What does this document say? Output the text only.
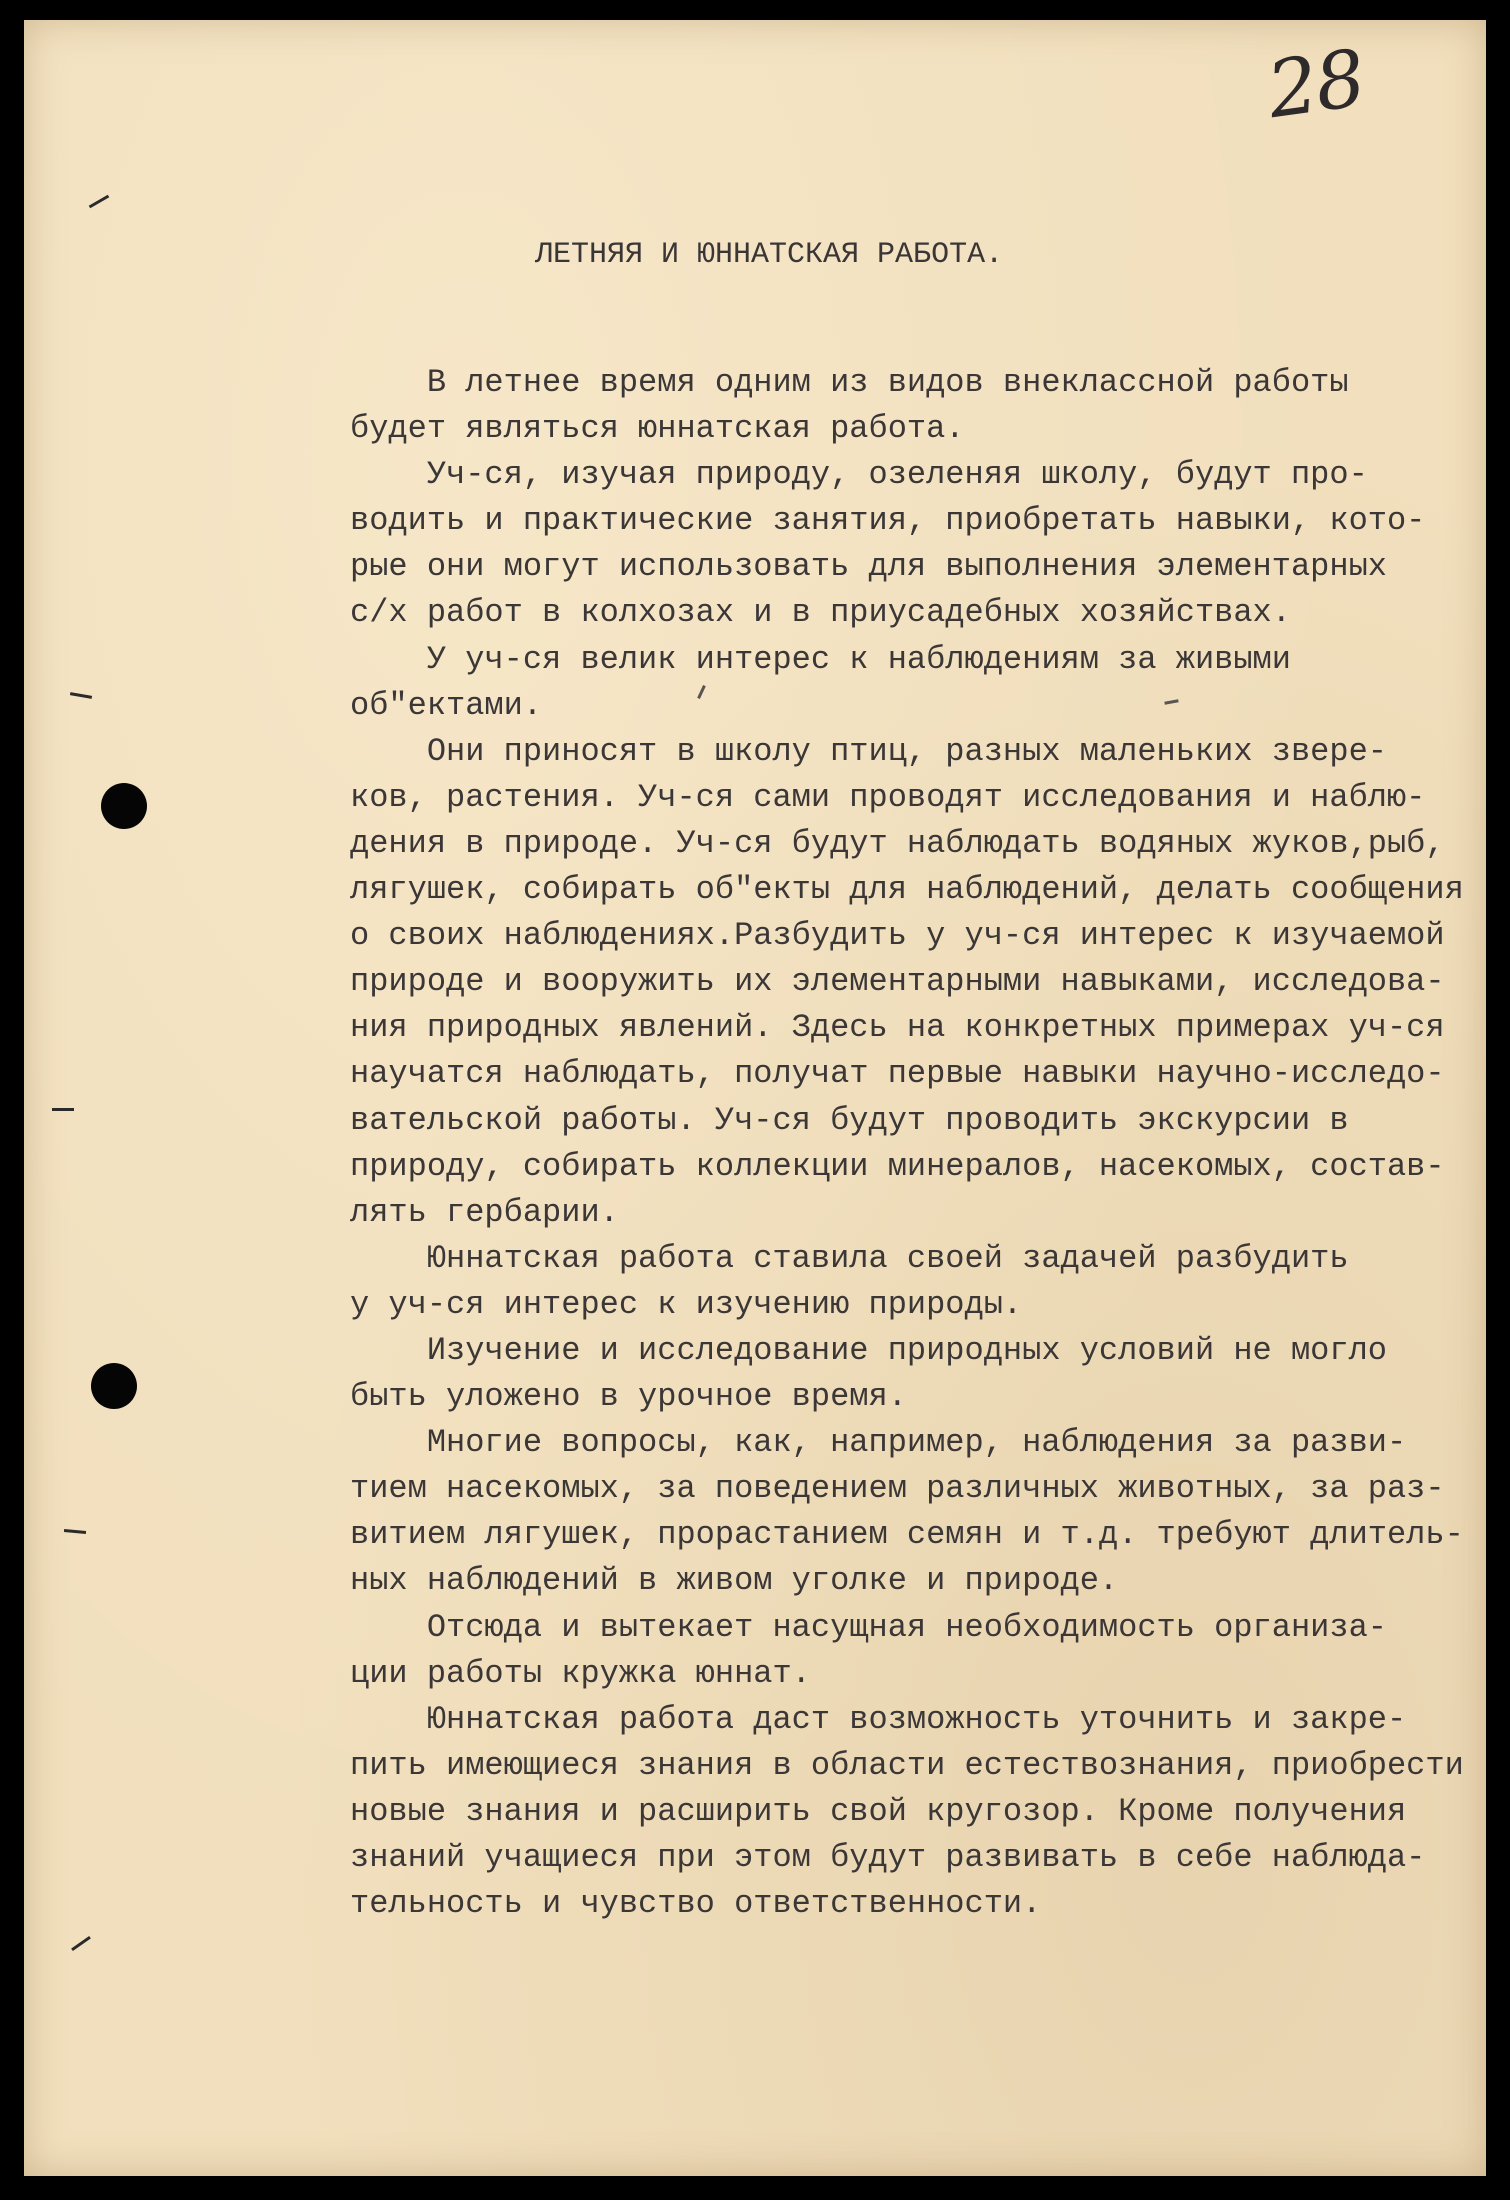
28
ЛЕТНЯЯ И ЮННАТСКАЯ РАБОТА.
В летнее время одним из видов внеклассной работы
будет являться юннатская работа.
Уч-ся, изучая природу, озеленяя школу, будут про-
водить и практические занятия, приобретать навыки, кото-
рые они могут использовать для выполнения элементарных
с/х работ в колхозах и в приусадебных хозяйствах.
У уч-ся велик интерес к наблюдениям за живыми
об"ектами.
Они приносят в школу птиц, разных маленьких звере-
ков, растения. Уч-ся сами проводят исследования и наблю-
дения в природе. Уч-ся будут наблюдать водяных жуков,рыб,
лягушек, собирать об"екты для наблюдений, делать сообщения
о своих наблюдениях.Разбудить у уч-ся интерес к изучаемой
природе и вооружить их элементарными навыками, исследова-
ния природных явлений. Здесь на конкретных примерах уч-ся
научатся наблюдать, получат первые навыки научно-исследо-
вательской работы. Уч-ся будут проводить экскурсии в
природу, собирать коллекции минералов, насекомых, состав-
лять гербарии.
Юннатская работа ставила своей задачей разбудить
у уч-ся интерес к изучению природы.
Изучение и исследование природных условий не могло
быть уложено в урочное время.
Многие вопросы, как, например, наблюдения за разви-
тием насекомых, за поведением различных животных, за раз-
витием лягушек, прорастанием семян и т.д. требуют длитель-
ных наблюдений в живом уголке и природе.
Отсюда и вытекает насущная необходимость организа-
ции работы кружка юннат.
Юннатская работа даст возможность уточнить и закре-
пить имеющиеся знания в области естествознания, приобрести
новые знания и расширить свой кругозор. Кроме получения
знаний учащиеся при этом будут развивать в себе наблюда-
тельность и чувство ответственности.
